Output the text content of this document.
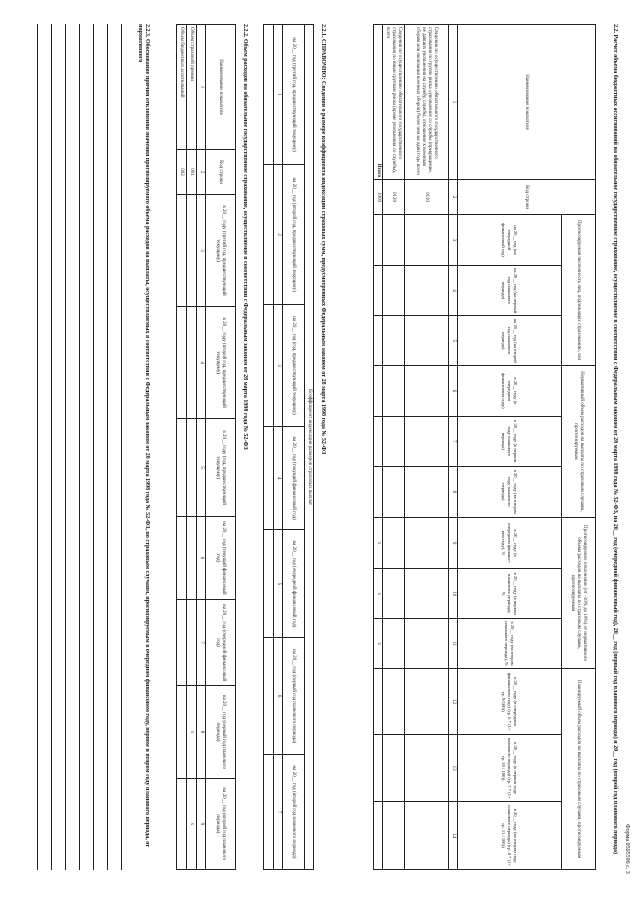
Форма 0505596 с. 3
2.2. Расчет объема бюджетных ассигнований на обязательное государственное страхование, осуществляемое в соответствии с Федеральным законом от 28 марта 1998 года № 52-ФЗ, на 20__ год (очередной финансовый год), 20__ год (первый год планового периода) и 20__ год (второй год планового периода)
Наименование показателя	Код строки	Прогнозируемая численность лиц, подлежащих страхованию, чел			Нормативный объем расходов на выплаты по страховым случаям, прогнозируемым			Прогнозируемое отклонение (от -10% до 10%) от нормативного объема расходов на выплаты по страховым случаям, прогнозируемым			Планируемый объем расходов на выплаты по страховым случаям, прогнозируемым		
		на 20__ год (на очередной финансовый год)	на 20__ год (на первый год планового периода)	на 20__ год (на второй год планового периода)	в 20__ году (в очередном финансовом году)	в 20__ году (в первом году планового периода)	в 20__ году (во втором году планового периода)	в 20__ году (в очередном финансо-вом году), %	в 20__ году (в первом планового периода), %	в 20__ году (во втором планового периода), %	в 20__ году (в очередном финансовом году) (гр. 6 * (1+ гр. 9/100))	в 20__ году (в первом году планового периода) (гр. 7 * (1+ гр. 10 / 100))	в 20__ году (во втором году планового периода) (гр. 8 * (1+ гр. 11 / 100))
1	2	3	4	5	6	7	8	9	10	11	12	13	14
Сведения по осуществлению обязательного государственного страхования по группе риска «увольнение со службы (прекращение, не давших увольнения на службу, службы, отношение к военным сборам или окончания военных сборов) более чем на один год» всего	0110												
Сведения по осуществлению обязательного государственного страхования по иным группам риска (кроме увольнения со службы), всего	0120												
Итого	1000							x	x	x			
2.2.1. СПРАВОЧНО: Сведения о размере коэффициента индексации страховых сумм, предусмотренных Федеральным законом от 28 марта 1998 года № 52-ФЗ
Коэффициент индексации размеров страховых выплат						
на 20__ год (третий год, предшествующий текущему)	на 20__ год (второй год, предшествующий текущему)	на 20__ год (год, предшествующий текущему)	на 20__ год (текущий финансовый год)	на 20__ год (очередной финансовый год)	на 20__ год (первый год планового периода)	на 20__ год (второй год планового периода)
1	2	3	4	5	6	7

2.2.2. Объем расходов на обязательное государственное страхование, осуществляемое в соответствии с Федеральным законом от 28 марта 1998 года № 52-ФЗ
Наименование показателя	Код строки	в 20__ году (третий год, предшествующий текущему)	в 20__ году (второй год, предшествующий текущему)	в 20__ году (год, предшествующий текущему)	на 20__ год (текущий финансовый год)	на 20__ год (очередной финансовый год)	на 20__ год (первый год планового периода)	на 20__ год (второй год планового периода)
1	2	3	4	5	6	7	8	9
Объем страховой премии	001						x	x
Объем бюджетных ассигнований	002							
2.2.3. Обоснование причин отклонения значения прогнозируемого объема расходов на выплаты, осуществляемых в соответствии с Федеральным законом от 28 марта 1998 года № 52-ФЗ, по страховым случаям, прогнозируемым в очередном финансовом году, первом и втором году планового периода, от нормативного
